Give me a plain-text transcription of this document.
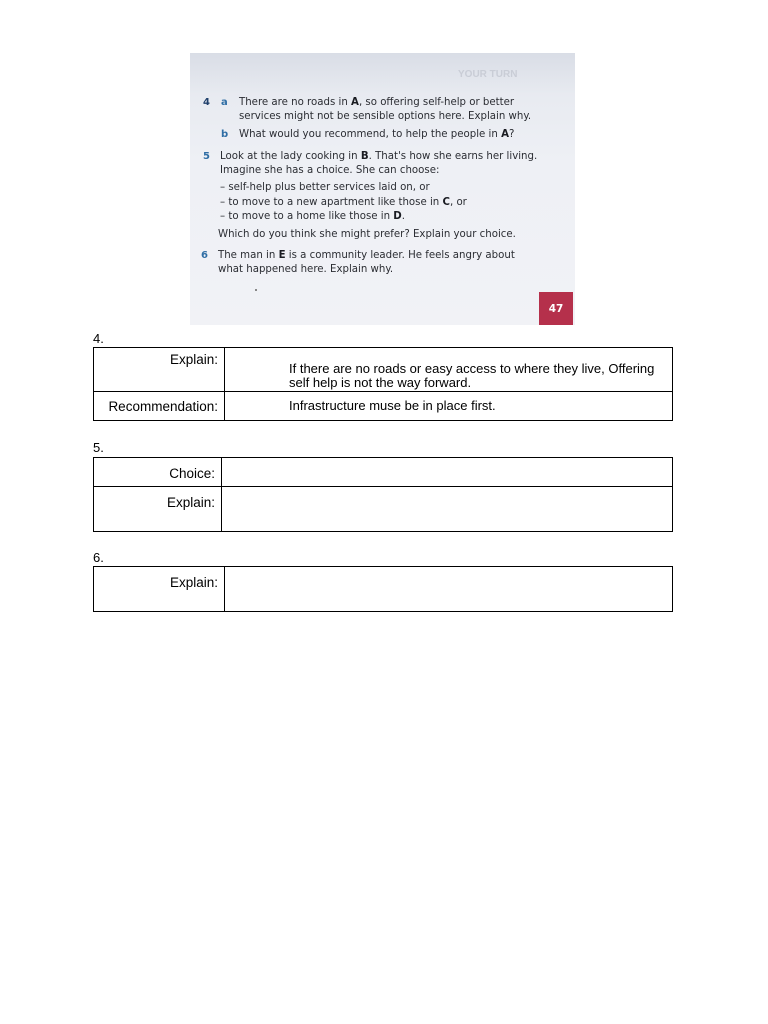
YOUR TURN
4 a There are no roads in A, so offering self-help or better
services might not be sensible options here. Explain why.
b What would you recommend, to help the people in A?
5 Look at the lady cooking in B. That's how she earns her living.
Imagine she has a choice. She can choose:
– self-help plus better services laid on, or
– to move to a new apartment like those in C, or
– to move to a home like those in D.
Which do you think she might prefer? Explain your choice.
6 The man in E is a community leader. He feels angry about
what happened here. Explain why.
47
4.
Explain:	If there are no roads or easy access to where they live, Offering self help is not the way forward.

Recommendation:	Infrastructure muse be in place first.
5.
Choice:	
Explain:	
6.
Explain:	
